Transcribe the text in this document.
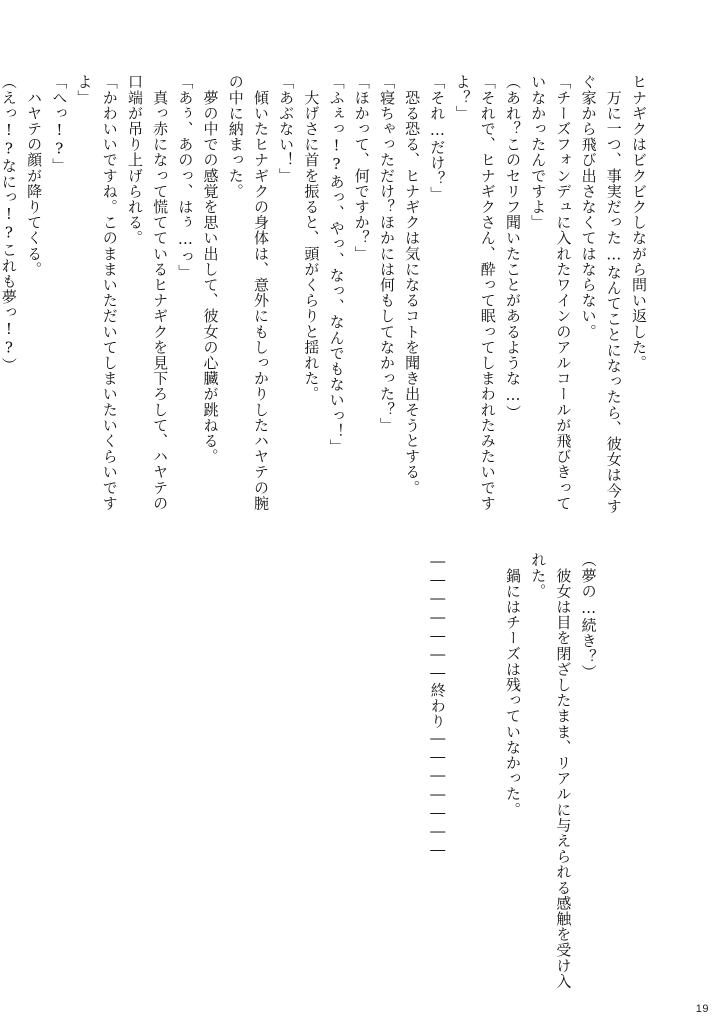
ヒナギクはビクビクしながら問い返した。
　万に一つ、事実だった…なんてことになったら、彼女は今す
ぐ家から飛び出さなくてはならない。
「チーズフォンデュに入れたワインのアルコールが飛びきって
いなかったんですよ」
（あれ？このセリフ聞いたことがあるような…）
「それで、ヒナギクさん、酔って眠ってしまわれたみたいです
よ？」
「それ…だけ？」
　恐る恐る、ヒナギクは気になるコトを聞き出そうとする。
「寝ちゃっただけ？ほかには何もしてなかった？」
「ほかって、何ですか？」
「ふぇっ!?あっ、やっ、なっ、なんでもないっ！」
　大げさに首を振ると、頭がくらりと揺れた。
「あぶない！」
　傾いたヒナギクの身体は、意外にもしっかりしたハヤテの腕
の中に納まった。
　夢の中での感覚を思い出して、彼女の心臓が跳ねる。
「あぅ、あのっ、はぅ…っ」
　真っ赤になって慌てているヒナギクを見下ろして、ハヤテの
口端が吊り上げられる。
「かわいいですね。このままいただいてしまいたいくらいです
よ」
「へっ!?」
　ハヤテの顔が降りてくる。
（えっ!?なにっ!?これも夢っ!?）

（夢の…続き？）
　彼女は目を閉ざしたまま、リアルに与えられる感触を受け入
れた。
　鍋にはチーズは残っていなかった。
―――――――終わり―――――――

19
